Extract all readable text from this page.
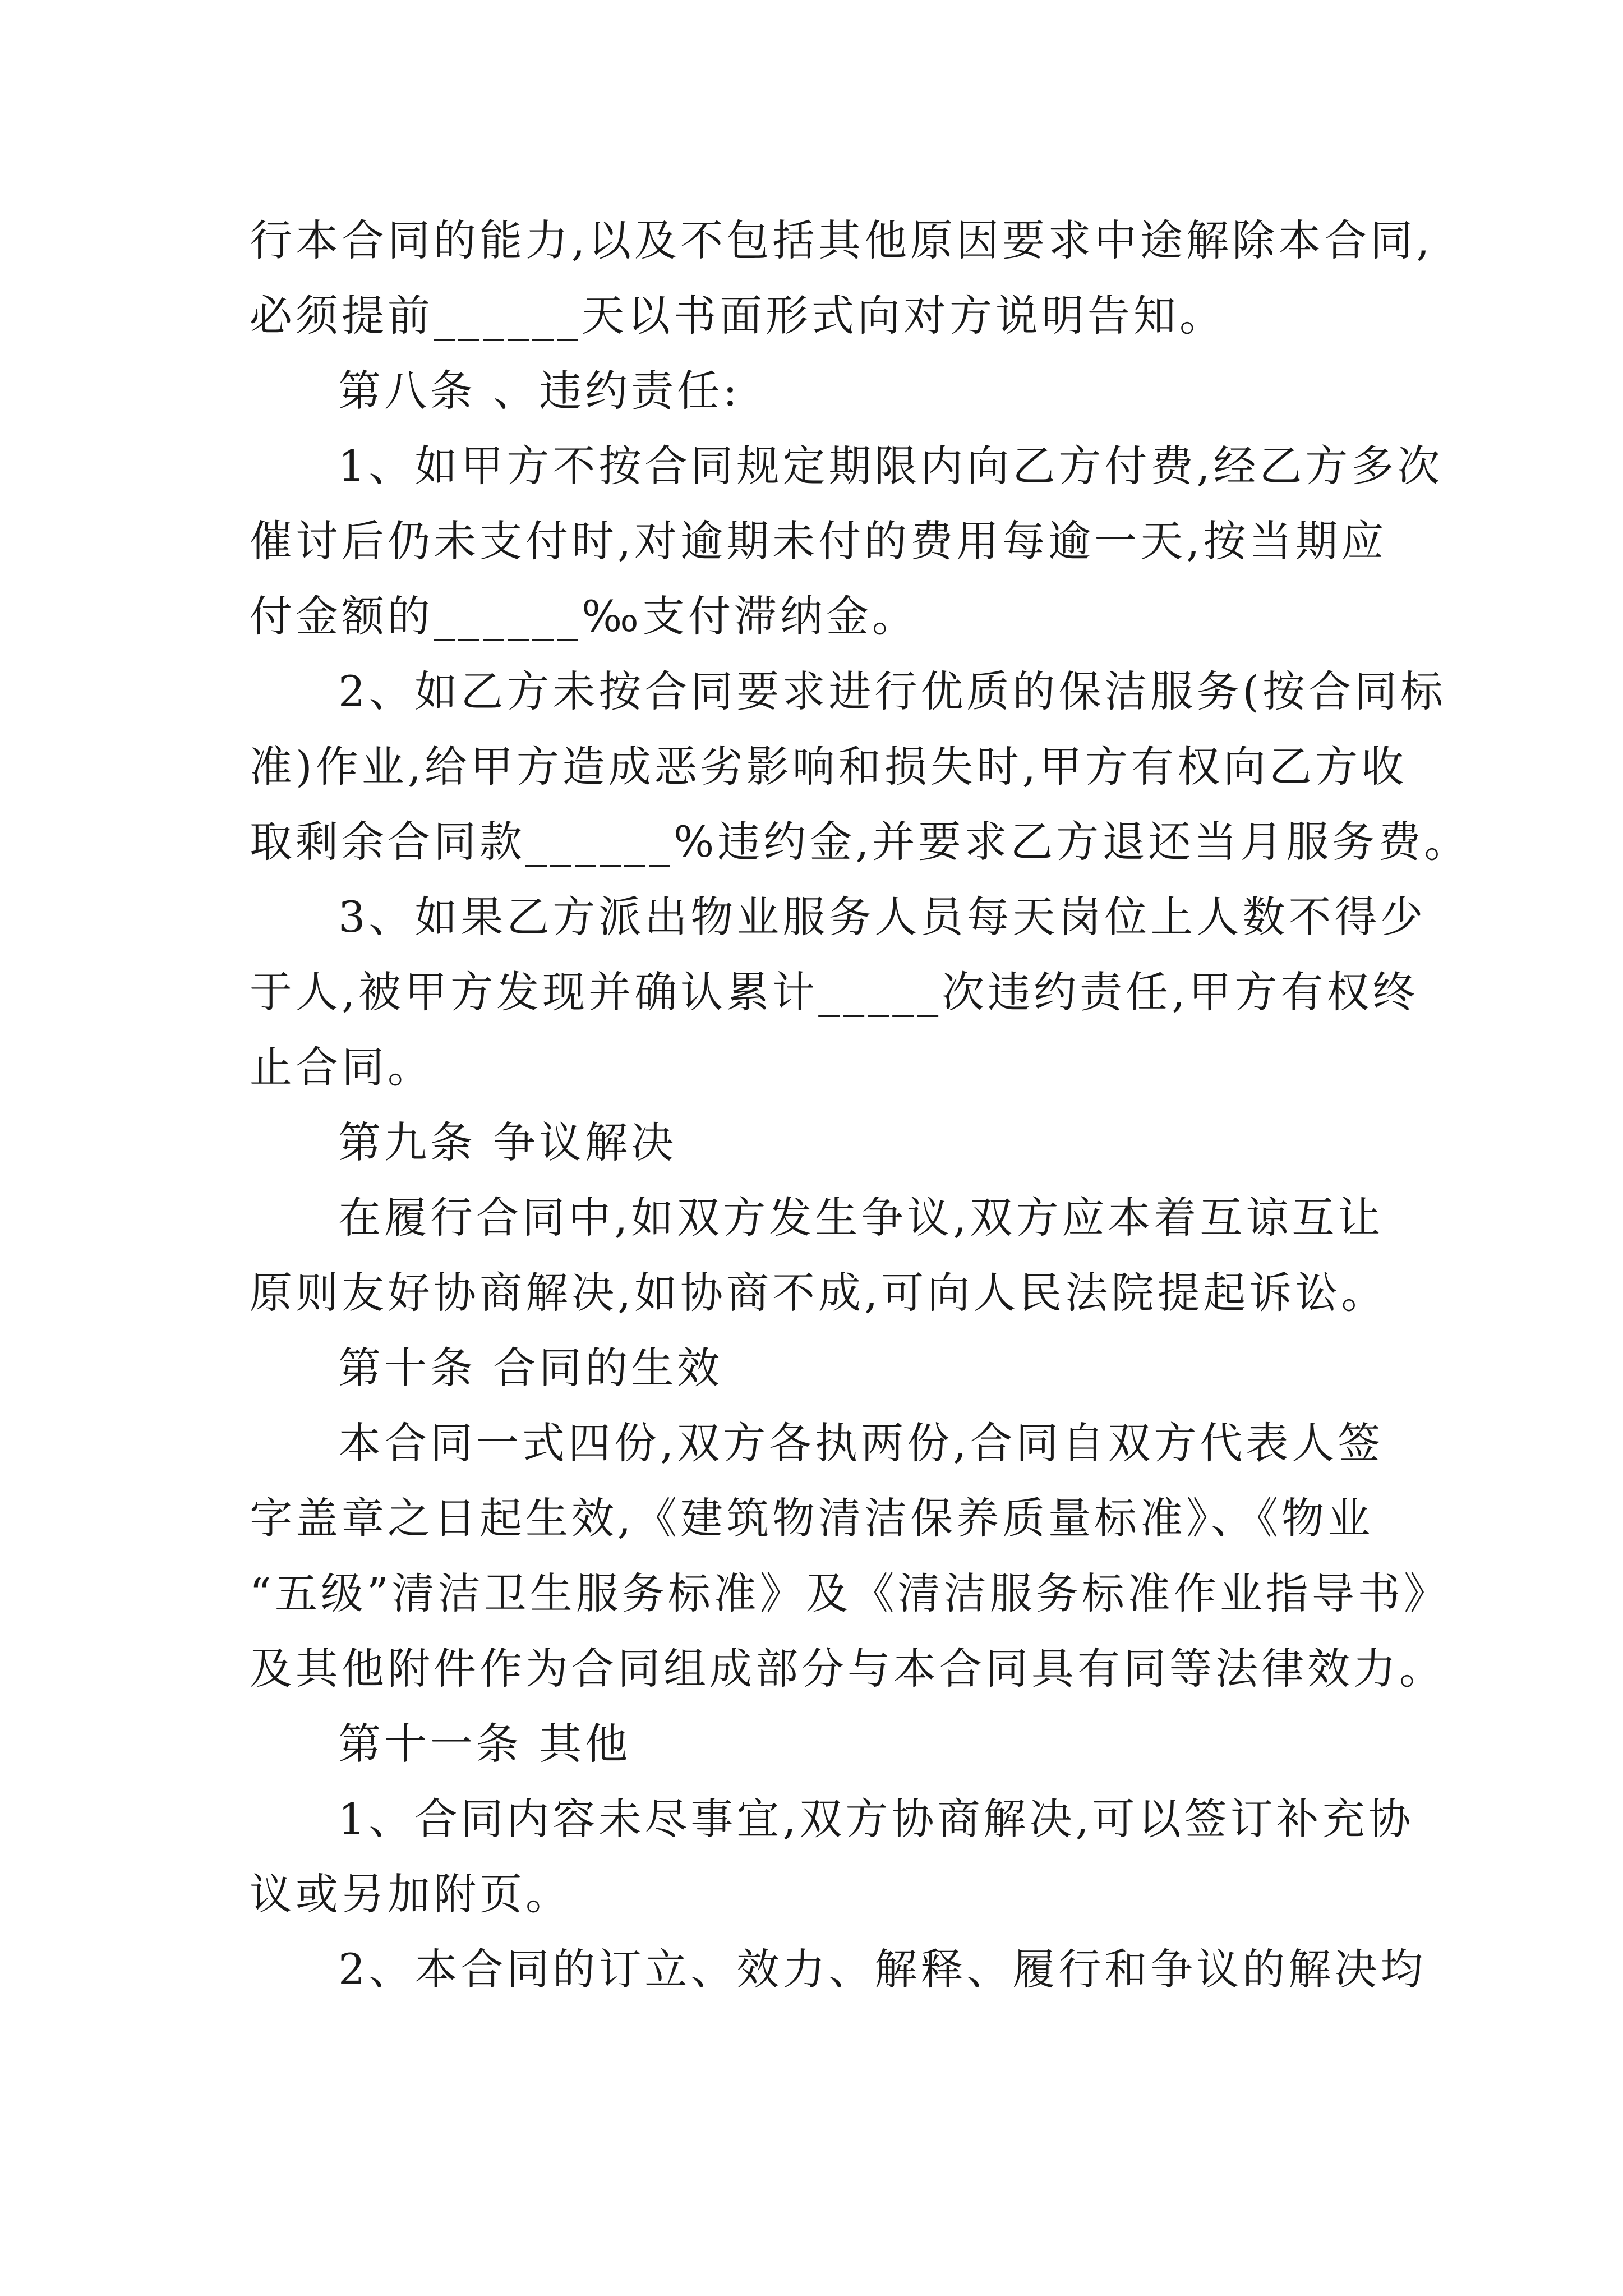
行本合同的能力,以及不包括其他原因要求中途解除本合同,
必须提前______天以书面形式向对方说明告知。
第八条 、违约责任:
1、如甲方不按合同规定期限内向乙方付费,经乙方多次
催讨后仍未支付时,对逾期未付的费用每逾一天,按当期应
付金额的______‰支付滞纳金。
2、如乙方未按合同要求进行优质的保洁服务(按合同标
准)作业,给甲方造成恶劣影响和损失时,甲方有权向乙方收
取剩余合同款______%违约金,并要求乙方退还当月服务费。
3、如果乙方派出物业服务人员每天岗位上人数不得少
于人,被甲方发现并确认累计_____次违约责任,甲方有权终
止合同。
第九条 争议解决
在履行合同中,如双方发生争议,双方应本着互谅互让
原则友好协商解决,如协商不成,可向人民法院提起诉讼。
第十条 合同的生效
本合同一式四份,双方各执两份,合同自双方代表人签
字盖章之日起生效,《建筑物清洁保养质量标准》、《物业
“五级”清洁卫生服务标准》及《清洁服务标准作业指导书》
及其他附件作为合同组成部分与本合同具有同等法律效力。
第十一条 其他
1、合同内容未尽事宜,双方协商解决,可以签订补充协
议或另加附页。
2、本合同的订立、效力、解释、履行和争议的解决均
